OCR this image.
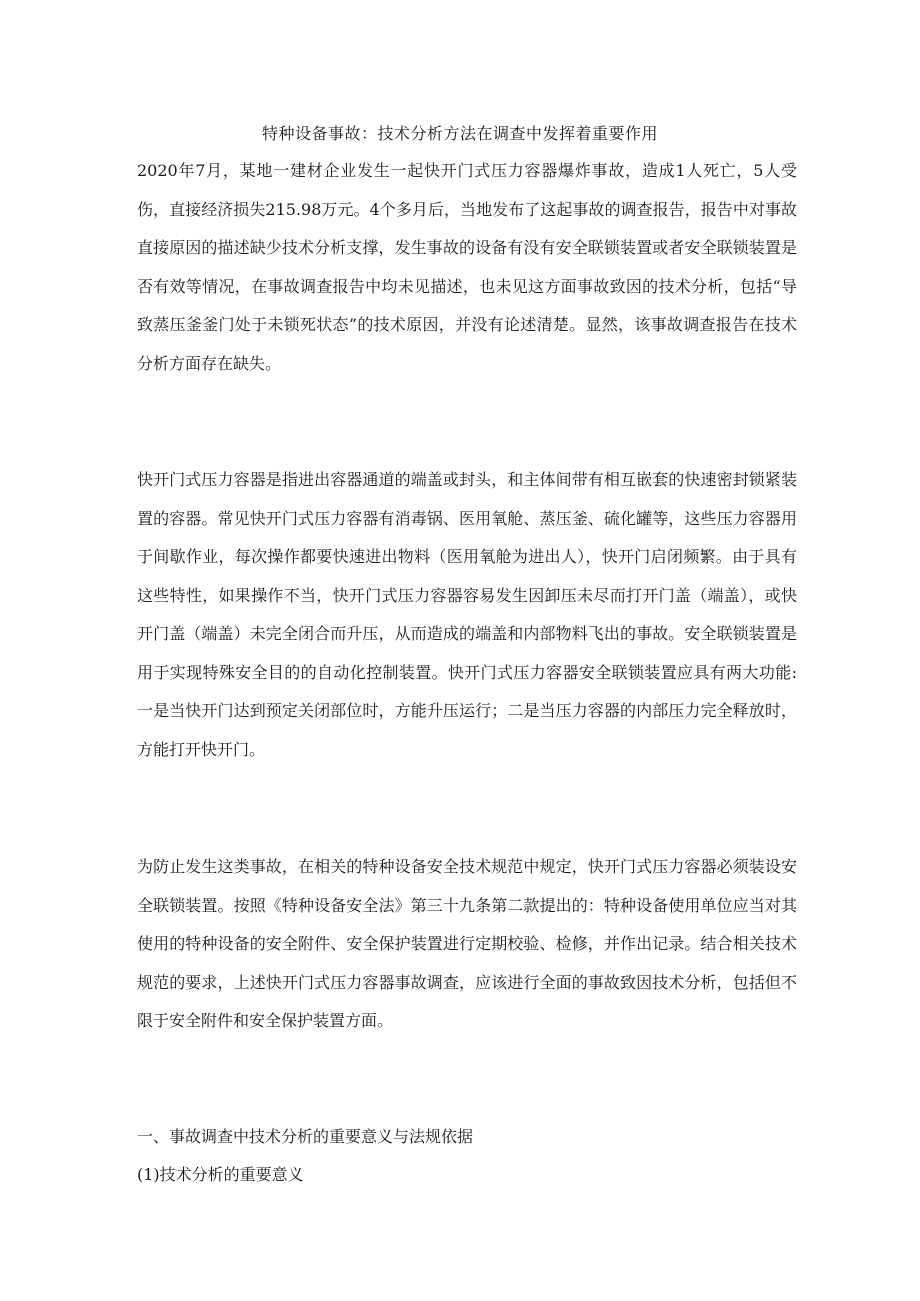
特种设备事故：技术分析方法在调查中发挥着重要作用

2020年7月，某地一建材企业发生一起快开门式压力容器爆炸事故，造成1人死亡，5人受伤，直接经济损失215.98万元。4个多月后，当地发布了这起事故的调查报告，报告中对事故直接原因的描述缺少技术分析支撑，发生事故的设备有没有安全联锁装置或者安全联锁装置是否有效等情况，在事故调查报告中均未见描述，也未见这方面事故致因的技术分析，包括“导致蒸压釜釜门处于未锁死状态”的技术原因，并没有论述清楚。显然，该事故调查报告在技术分析方面存在缺失。

快开门式压力容器是指进出容器通道的端盖或封头，和主体间带有相互嵌套的快速密封锁紧装置的容器。常见快开门式压力容器有消毒锅、医用氧舱、蒸压釜、硫化罐等，这些压力容器用于间歇作业，每次操作都要快速进出物料（医用氧舱为进出人），快开门启闭频繁。由于具有这些特性，如果操作不当，快开门式压力容器容易发生因卸压未尽而打开门盖（端盖），或快开门盖（端盖）未完全闭合而升压，从而造成的端盖和内部物料飞出的事故。安全联锁装置是用于实现特殊安全目的的自动化控制装置。快开门式压力容器安全联锁装置应具有两大功能:一是当快开门达到预定关闭部位时，方能升压运行；二是当压力容器的内部压力完全释放时，方能打开快开门。

为防止发生这类事故，在相关的特种设备安全技术规范中规定，快开门式压力容器必须装设安全联锁装置。按照《特种设备安全法》第三十九条第二款提出的：特种设备使用单位应当对其使用的特种设备的安全附件、安全保护装置进行定期校验、检修，并作出记录。结合相关技术规范的要求，上述快开门式压力容器事故调查，应该进行全面的事故致因技术分析，包括但不限于安全附件和安全保护装置方面。

一、事故调查中技术分析的重要意义与法规依据

(1)技术分析的重要意义
